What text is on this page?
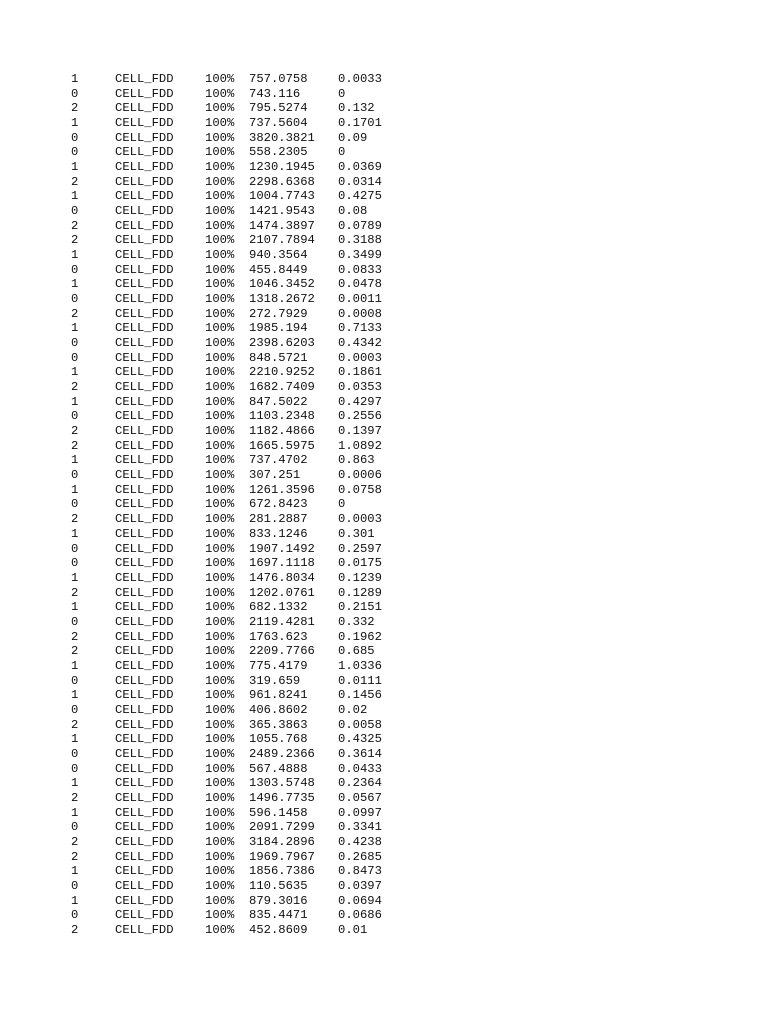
1	CELL_FDD	100% 757.0758 0.0033
0	CELL_FDD	100% 743.116	0
2	CELL_FDD	100% 795.5274 0.132
1	CELL_FDD	100% 737.5604 0.1701
0	CELL_FDD	100% 3820.3821 0.09
0	CELL_FDD	100% 558.2305 0
1	CELL_FDD	100% 1230.1945 0.0369
2	CELL_FDD	100% 2298.6368 0.0314
1	CELL_FDD	100% 1004.7743 0.4275
0	CELL_FDD	100% 1421.9543 0.08
2	CELL_FDD	100% 1474.3897 0.0789
2	CELL_FDD	100% 2107.7894 0.3188
1	CELL_FDD	100% 940.3564 0.3499
0	CELL_FDD	100% 455.8449 0.0833
1	CELL_FDD	100% 1046.3452 0.0478
0	CELL_FDD	100% 1318.2672 0.0011
2	CELL_FDD	100% 272.7929 0.0008
1	CELL_FDD	100% 1985.194 0.7133
0	CELL_FDD	100% 2398.6203 0.4342
0	CELL_FDD	100% 848.5721 0.0003
1	CELL_FDD	100% 2210.9252 0.1861
2	CELL_FDD	100% 1682.7409 0.0353
1	CELL_FDD	100% 847.5022 0.4297
0	CELL_FDD	100% 1103.2348 0.2556
2	CELL_FDD	100% 1182.4866 0.1397
2	CELL_FDD	100% 1665.5975 1.0892
1	CELL_FDD	100% 737.4702 0.863
0	CELL_FDD	100% 307.251	0.0006
1	CELL_FDD	100% 1261.3596 0.0758
0	CELL_FDD	100% 672.8423 0
2	CELL_FDD	100% 281.2887 0.0003
1	CELL_FDD	100% 833.1246 0.301
0	CELL_FDD	100% 1907.1492 0.2597
0	CELL_FDD	100% 1697.1118 0.0175
1	CELL_FDD	100% 1476.8034 0.1239
2	CELL_FDD	100% 1202.0761 0.1289
1	CELL_FDD	100% 682.1332 0.2151
0	CELL_FDD	100% 2119.4281 0.332
2	CELL_FDD	100% 1763.623 0.1962
2	CELL_FDD	100% 2209.7766 0.685
1	CELL_FDD	100% 775.4179 1.0336
0	CELL_FDD	100% 319.659	0.0111
1	CELL_FDD	100% 961.8241 0.1456
0	CELL_FDD	100% 406.8602 0.02
2	CELL_FDD	100% 365.3863 0.0058
1	CELL_FDD	100% 1055.768 0.4325
0	CELL_FDD	100% 2489.2366 0.3614
0	CELL_FDD	100% 567.4888 0.0433
1	CELL_FDD	100% 1303.5748 0.2364
2	CELL_FDD	100% 1496.7735 0.0567
1	CELL_FDD	100% 596.1458 0.0997
0	CELL_FDD	100% 2091.7299 0.3341
2	CELL_FDD	100% 3184.2896 0.4238
2	CELL_FDD	100% 1969.7967 0.2685
1	CELL_FDD	100% 1856.7386 0.8473
0	CELL_FDD	100% 110.5635 0.0397
1	CELL_FDD	100% 879.3016 0.0694
0	CELL_FDD	100% 835.4471 0.0686
2	CELL_FDD	100% 452.8609 0.01
